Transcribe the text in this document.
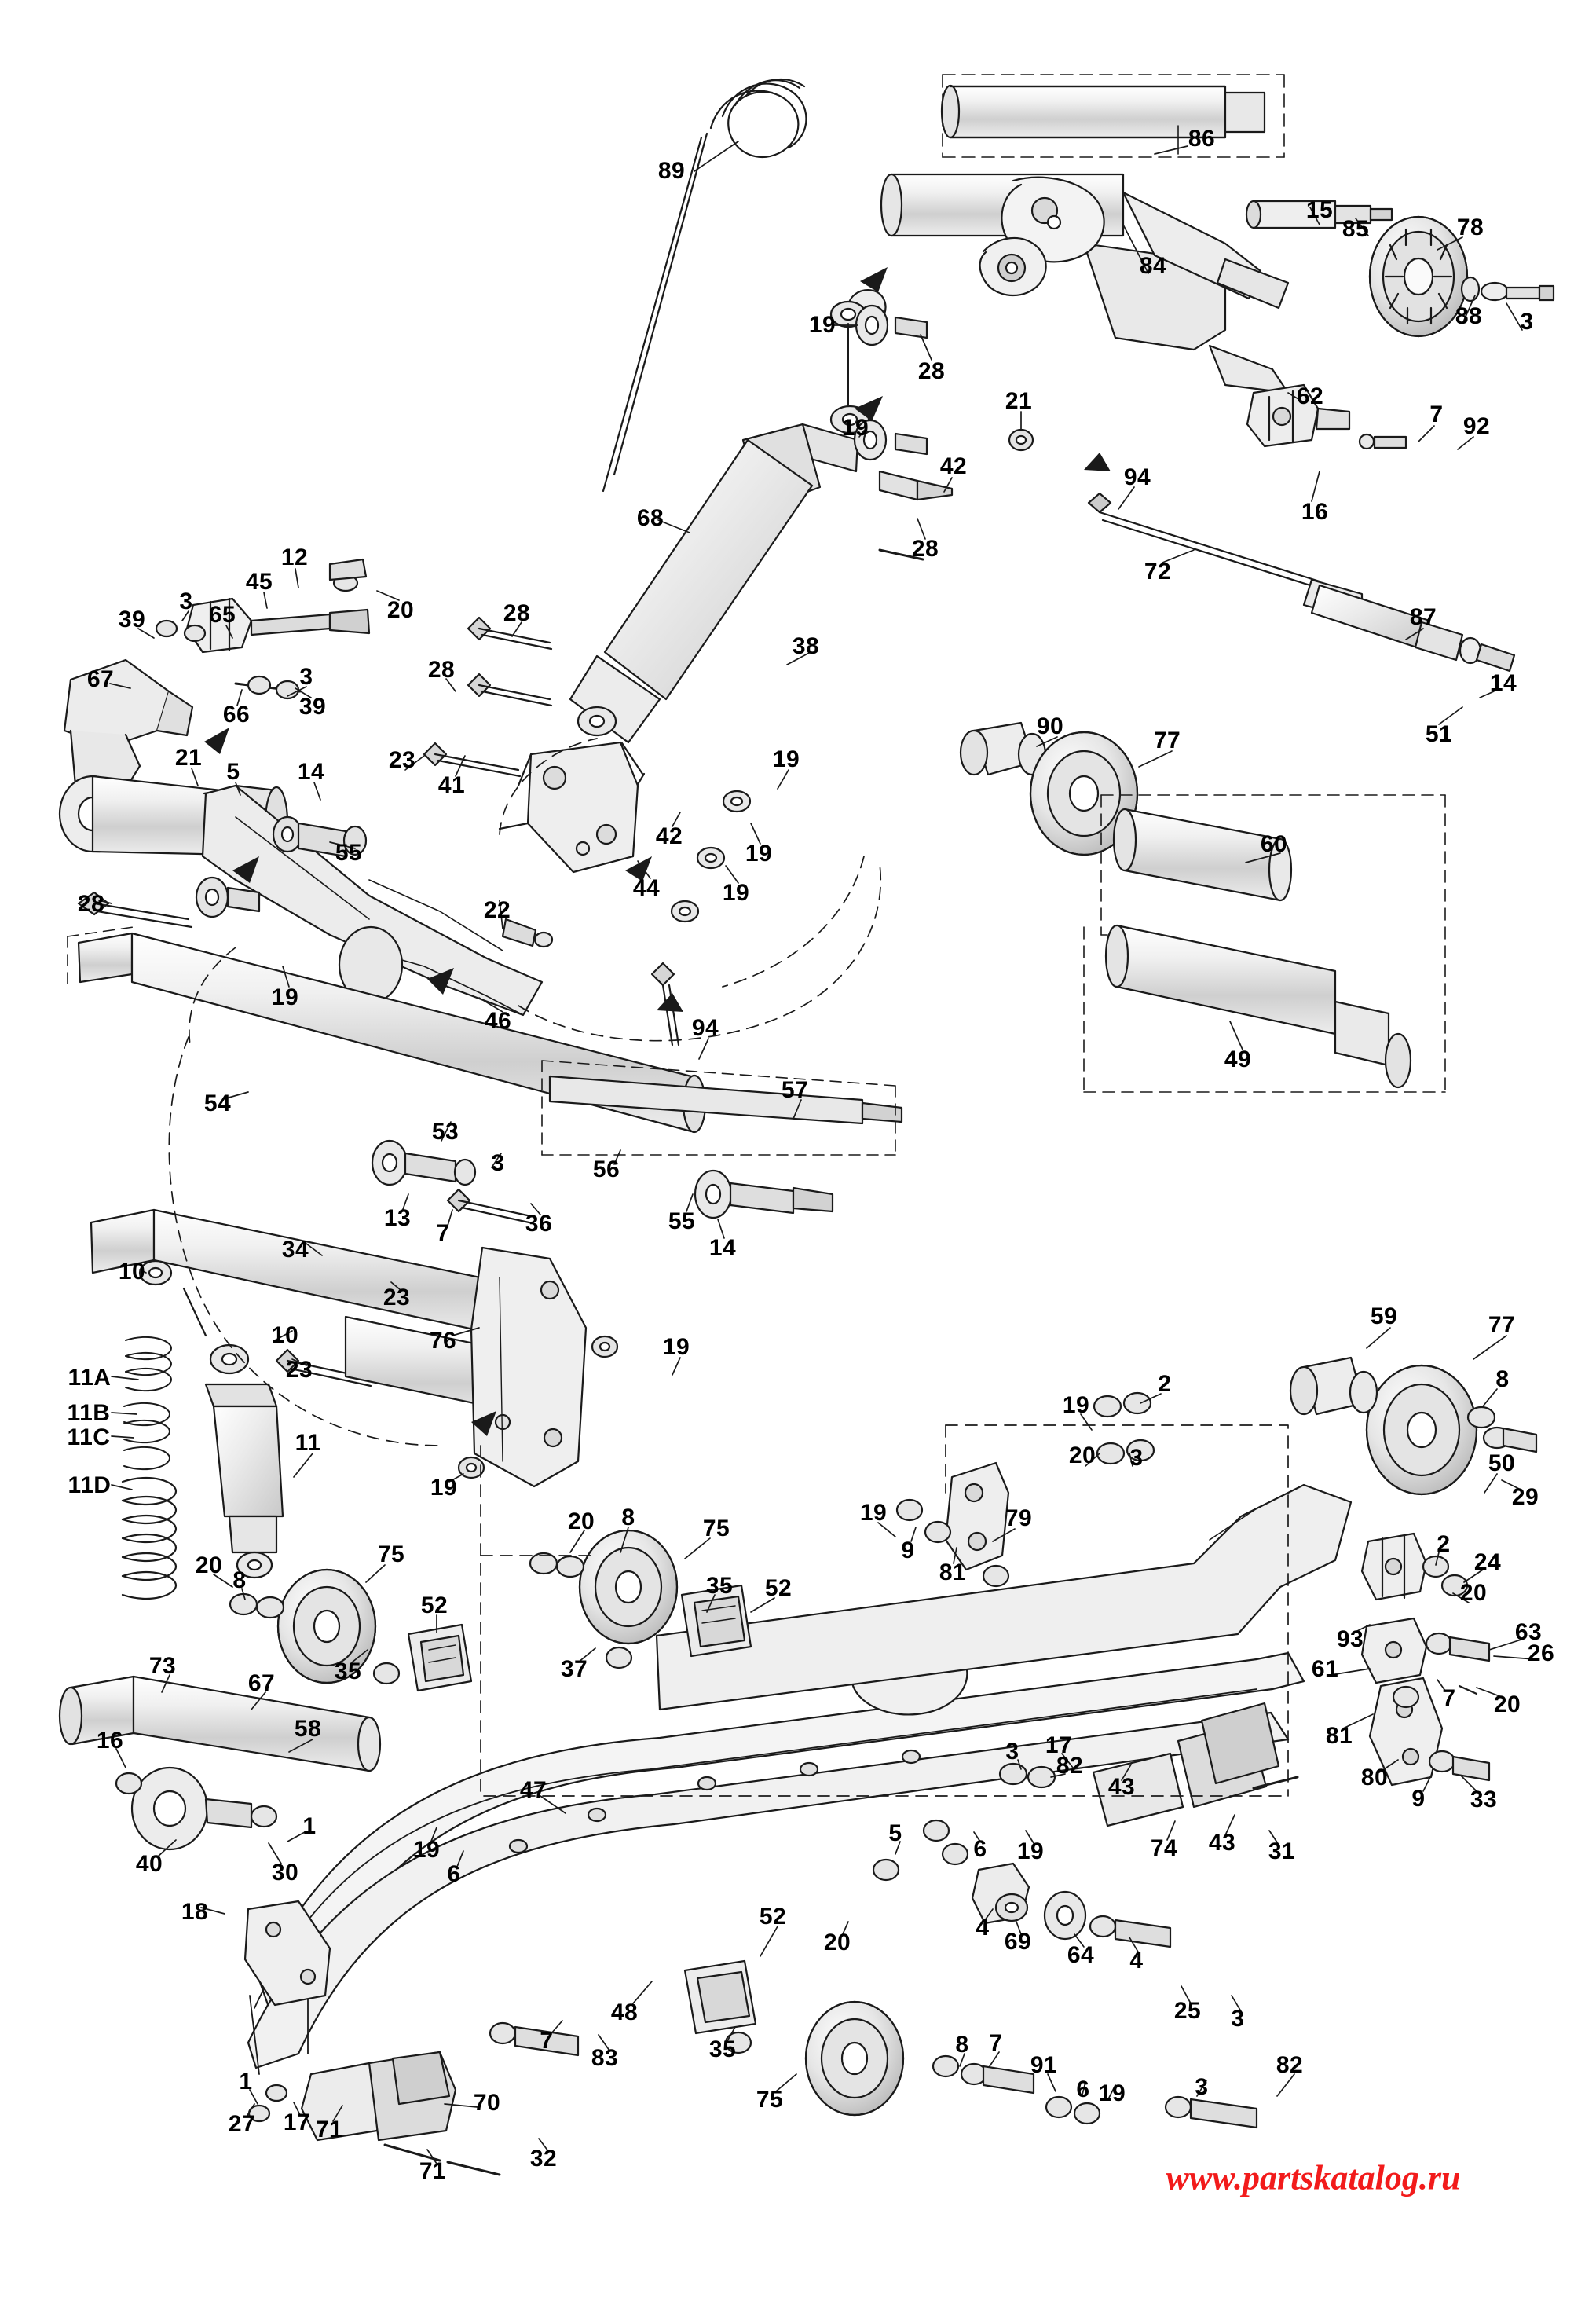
89
86
15
85	78
84
19
28
88 3
21	62
7 92
19
42	94
16
28
68
72
87
12
45
20
3
65
39
38
67
66 39
3
28
28
14
51
21
5 14	23
41
19
90
77
55
42
19
44	19
60
28	22
19
46
49
94
54
57
53
3	56
55
14
13
7	36
34
10
23
59	77
10
23
76	19
11A	8
19
2
11B
11C	11	20 3
11D
50
29
19
19
9
79
81
2
24
20
8
75
20 8	75
35
52
52	20
93	63
26
35	37	61
7 20
17	81
73
67
16	58
82
43
3
80
9 33
47
5
6 19	74 43 31
1
30
40
19
6
18
4
69
52
20	64 4
25 3
48
35
7
83
8 7
91
6 19
82
3
75
1
27 17 71
70
71	32	www.partskatalog.ru
